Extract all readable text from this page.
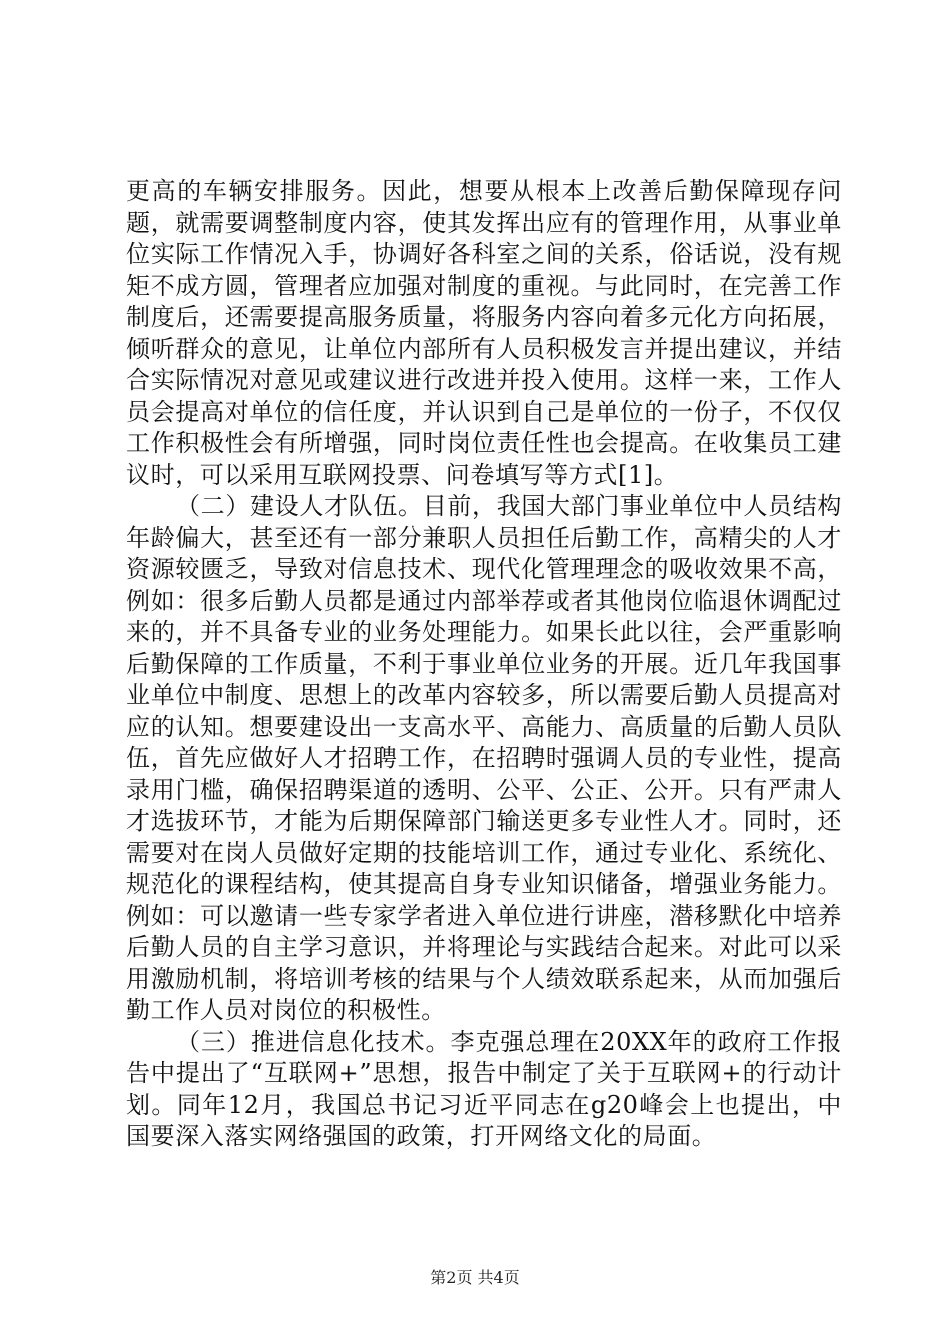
更高的车辆安排服务。因此，想要从根本上改善后勤保障现存问题，就需要调整制度内容，使其发挥出应有的管理作用，从事业单位实际工作情况入手，协调好各科室之间的关系，俗话说，没有规矩不成方圆，管理者应加强对制度的重视。与此同时，在完善工作制度后，还需要提高服务质量，将服务内容向着多元化方向拓展，倾听群众的意见，让单位内部所有人员积极发言并提出建议，并结合实际情况对意见或建议进行改进并投入使用。这样一来，工作人员会提高对单位的信任度，并认识到自己是单位的一份子，不仅仅工作积极性会有所增强，同时岗位责任性也会提高。在收集员工建议时，可以采用互联网投票、问卷填写等方式[1]。

（二）建设人才队伍。目前，我国大部门事业单位中人员结构年龄偏大，甚至还有一部分兼职人员担任后勤工作，高精尖的人才资源较匮乏，导致对信息技术、现代化管理理念的吸收效果不高，例如：很多后勤人员都是通过内部举荐或者其他岗位临退休调配过来的，并不具备专业的业务处理能力。如果长此以往，会严重影响后勤保障的工作质量，不利于事业单位业务的开展。近几年我国事业单位中制度、思想上的改革内容较多，所以需要后勤人员提高对应的认知。想要建设出一支高水平、高能力、高质量的后勤人员队伍，首先应做好人才招聘工作，在招聘时强调人员的专业性，提高录用门槛，确保招聘渠道的透明、公平、公正、公开。只有严肃人才选拔环节，才能为后期保障部门输送更多专业性人才。同时，还需要对在岗人员做好定期的技能培训工作，通过专业化、系统化、规范化的课程结构，使其提高自身专业知识储备，增强业务能力。例如：可以邀请一些专家学者进入单位进行讲座，潜移默化中培养后勤人员的自主学习意识，并将理论与实践结合起来。对此可以采用激励机制，将培训考核的结果与个人绩效联系起来，从而加强后勤工作人员对岗位的积极性。

（三）推进信息化技术。李克强总理在20XX年的政府工作报告中提出了“互联网+”思想，报告中制定了关于互联网+的行动计划。同年12月，我国总书记习近平同志在g20峰会上也提出，中国要深入落实网络强国的政策，打开网络文化的局面。

第2页 共4页
